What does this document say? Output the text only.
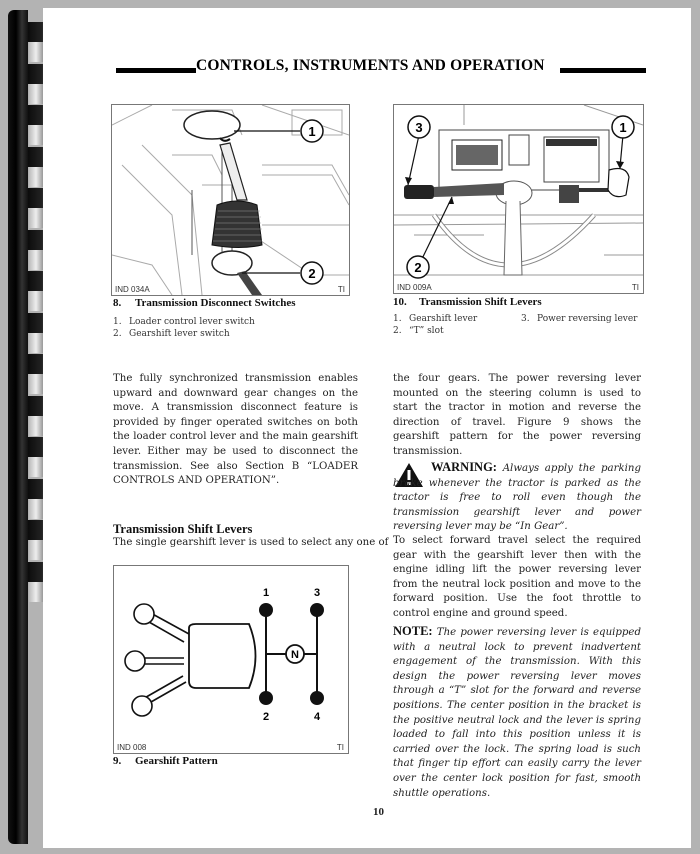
CONTROLS, INSTRUMENTS AND OPERATION
1
2
IND 034A	TI
8. Transmission Disconnect Switches
1. Loader control lever switch
2. Gearshift lever switch
3	1
2
IND 009A	TI
10. Transmission Shift Levers
1. Gearshift lever	3. Power reversing lever
2. “T” slot
The fully synchronized transmission enables upward and downward gear changes on the move. A transmission disconnect feature is provided by finger operated switches on both the loader control lever and the main gearshift lever. Either may be used to disconnect the transmission. See also Section B “LOADER CONTROLS AND OPERATION”.
Transmission Shift Levers
The single gearshift lever is used to select any one of
1
2
3
4
N
IND 008	TI
9. Gearshift Pattern
the four gears. The power reversing lever mounted on the steering column is used to start the tractor in motion and reverse the direction of travel. Figure 9 shows the gearshift pattern for the power reversing transmission.
WARNING: Always apply the parking brake whenever the tractor is parked as the tractor is free to roll even though the transmission gearshift lever and power reversing lever may be “In Gear”.
To select forward travel select the required gear with the gearshift lever then with the engine idling lift the power reversing lever from the neutral lock position and move to the forward position. Use the foot throttle to control engine and ground speed.
NOTE: The power reversing lever is equipped with a neutral lock to prevent inadvertent engagement of the transmission. With this design the power reversing lever moves through a “T” slot for the forward and reverse positions. The center position in the bracket is the positive neutral lock and the lever is spring loaded to fall into this position unless it is carried over the lock. The spring load is such that finger tip effort can easily carry the lever over the center lock position for fast, smooth shuttle operations.
10
